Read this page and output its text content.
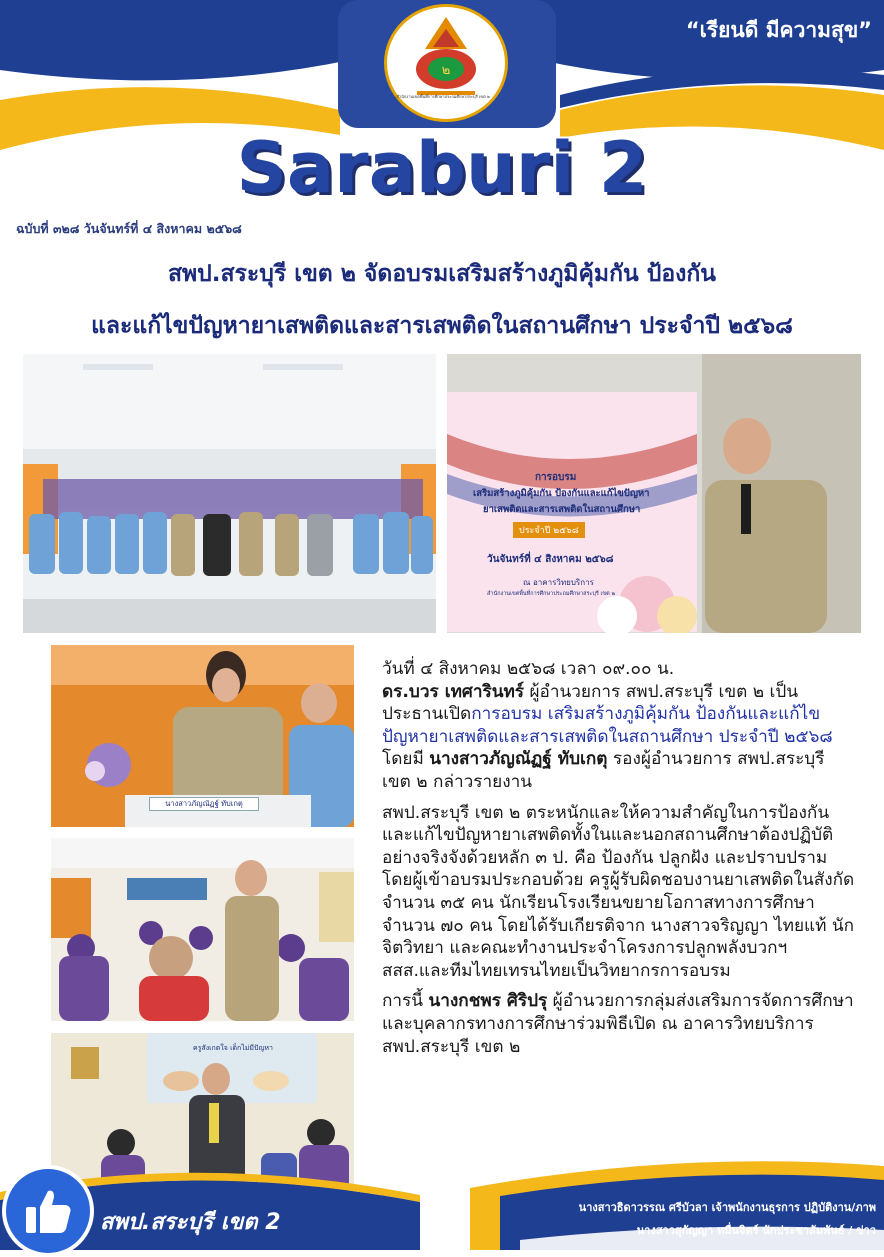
๒
สำนักงานเขตพื้นที่การศึกษาประถมศึกษาสระบุรี เขต ๒
“เรียนดี มีความสุข”
Saraburi 2
ฉบับที่ ๓๒๘ วันจันทร์ที่ ๔ สิงหาคม ๒๕๖๘
สพป.สระบุรี เขต ๒ จัดอบรมเสริมสร้างภูมิคุ้มกัน ป้องกัน
และแก้ไขปัญหายาเสพติดและสารเสพติดในสถานศึกษา ประจำปี ๒๕๖๘
การอบรม
เสริมสร้างภูมิคุ้มกัน ป้องกันและแก้ไขปัญหา
ยาเสพติดและสารเสพติดในสถานศึกษา
ประจำปี ๒๕๖๘
วันจันทร์ที่ ๔ สิงหาคม ๒๕๖๘
ณ อาคารวิทยบริการ
สำนักงานเขตพื้นที่การศึกษาประถมศึกษาสระบุรี เขต ๒
นางสาวภัญณัฏฐ์ ทับเกตุ
ครูสังเกตใจ เด็กไม่มีปัญหา

วันที่ ๔ สิงหาคม ๒๕๖๘ เวลา ๐๙.๐๐ น.
ดร.บวร เทศารินทร์ ผู้อำนวยการ สพป.สระบุรี เขต ๒ เป็นประธานเปิดการอบรม เสริมสร้างภูมิคุ้มกัน ป้องกันและแก้ไขปัญหายาเสพติดและสารเสพติดในสถานศึกษา ประจำปี ๒๕๖๘ โดยมี นางสาวภัญณัฏฐ์ ทับเกตุ รองผู้อำนวยการ สพป.สระบุรี เขต ๒ กล่าวรายงาน

สพป.สระบุรี เขต ๒ ตระหนักและให้ความสำคัญในการป้องกันและแก้ไขปัญหายาเสพติดทั้งในและนอกสถานศึกษาต้องปฏิบัติอย่างจริงจังด้วยหลัก ๓ ป. คือ ป้องกัน ปลูกฝัง และปราบปราม โดยผู้เข้าอบรมประกอบด้วย ครูผู้รับผิดชอบงานยาเสพติดในสังกัด จำนวน ๓๕ คน นักเรียนโรงเรียนขยายโอกาสทางการศึกษา จำนวน ๗๐ คน โดยได้รับเกียรติจาก นางสาวจริญญา ไทยแท้ นักจิตวิทยา และคณะทำงานประจำโครงการปลูกพลังบวกฯ สสส.และทีมไทยเทรนไทยเป็นวิทยากรการอบรม

การนี้ นางกชพร ศิริปรุ ผู้อำนวยการกลุ่มส่งเสริมการจัดการศึกษาและบุคลากรทางการศึกษาร่วมพิธีเปิด ณ อาคารวิทยบริการ สพป.สระบุรี เขต ๒

สพป.สระบุรี เขต 2
นางสาวธิดาวรรณ ศรีบัวลา เจ้าพนักงานธุรการ ปฏิบัติงาน/ภาพ
นางสาวสุกัญญา หมื่นจิตร์ นักประชาสัมพันธ์ / ข่าว
